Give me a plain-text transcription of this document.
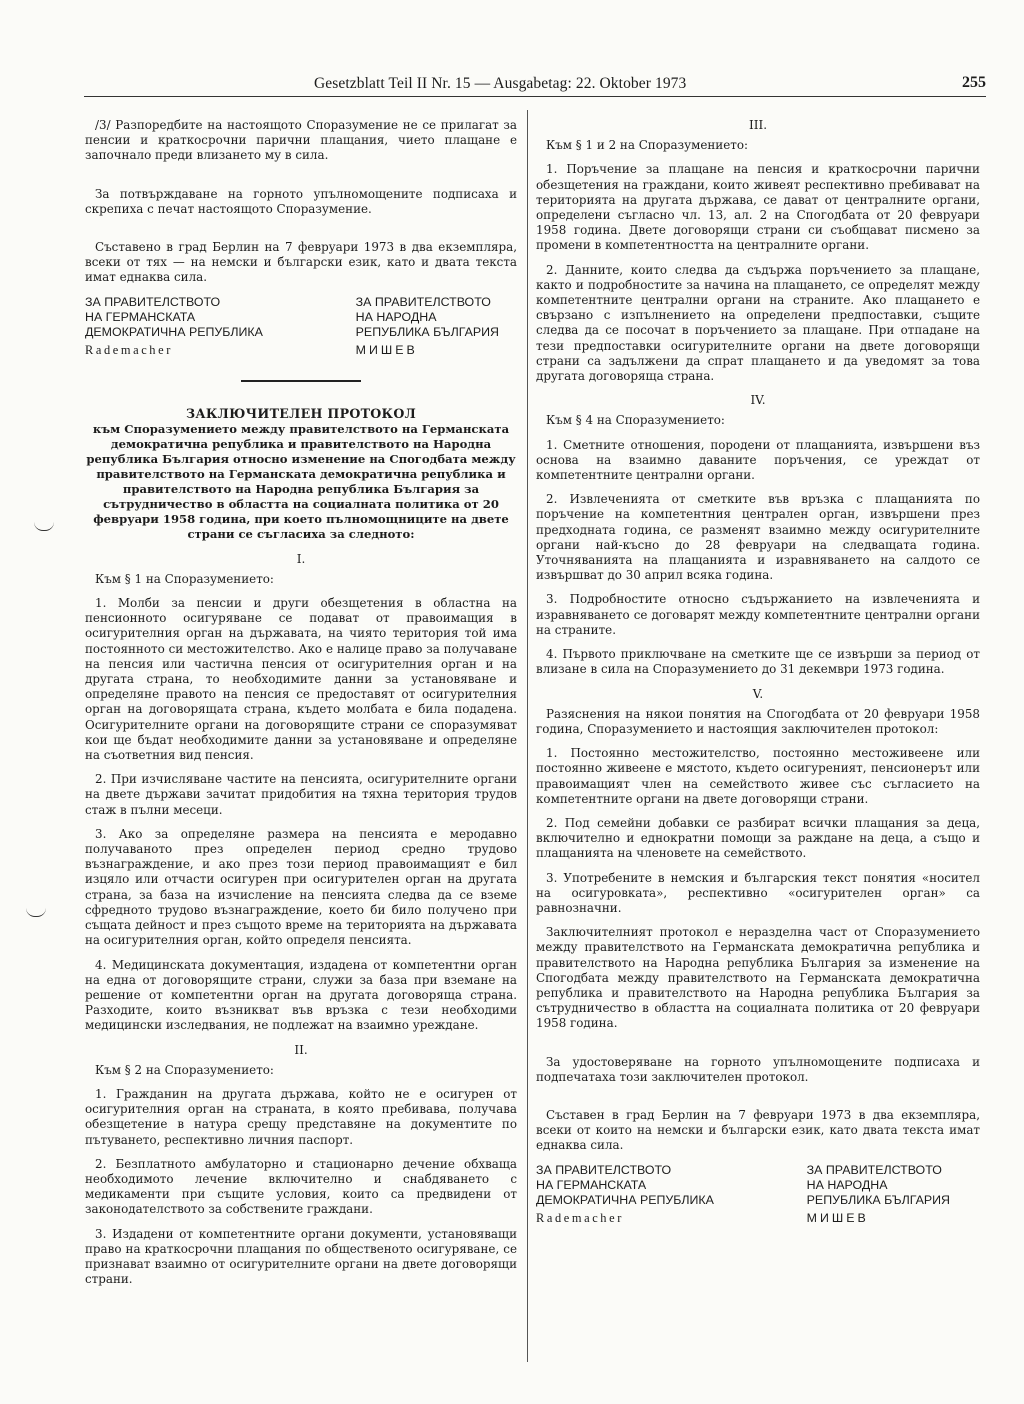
Gesetzblatt Teil II Nr. 15 — Ausgabetag: 22. Oktober 1973	255

/3/ Разпоредбите на настоящото Споразумение не се прилагат за пенсии и краткосрочни парични плащания, чието плащане е започнало преди влизането му в сила.

За потвърждаване на горното упълномощените подписаха и скрепиха с печат настоящото Споразумение.

Съставено в град Берлин на 7 февруари 1973 в два екземпляра, всеки от тях — на немски и български език, като и двата текста имат еднаква сила.

ЗА ПРАВИТЕЛСТВОТО
НА ГЕРМАНСКАТА
ДЕМОКРАТИЧНА РЕПУБЛИКА
Rademacher
ЗА ПРАВИТЕЛСТВОТО
НА НАРОДНА
РЕПУБЛИКА БЪЛГАРИЯ
МИШЕВ
ЗАКЛЮЧИТЕЛЕН ПРОТОКОЛ
към Споразумението между правителството на Германската демократична република и правителството на Народна република България относно изменение на Спогодбата между правителството на Германската демократична република и правителството на Народна република България за сътрудничество в областта на социалната политика от 20 февруари 1958 година, при което пълномощниците на двете страни се съгласиха за следното:
I.

Към § 1 на Споразумението:

1. Молби за пенсии и други обезщетения в областна на пенсионното осигуряване се подават от правоимащия в осигурителния орган на държавата, на чиято територия той има постоянното си местожителство. Ако е налице право за получаване на пенсия или частична пенсия от осигурителния орган и на другата страна, то необходимите данни за установяване и определяне правото на пенсия се предоставят от осигурителния орган на договорящата страна, където молбата е била подадена. Осигурителните органи на договорящите страни се споразумяват кои ще бъдат необходимите данни за установяване и определяне на съответния вид пенсия.

2. При изчисляване частите на пенсията, осигурителните органи на двете държави зачитат придобития на тяхна територия трудов стаж в пълни месеци.

3. Ако за определяне размера на пенсията е меродавно получаваното през определен период средно трудово възнаграждение, и ако през този период правоимащият е бил изцяло или отчасти осигурен при осигурителен орган на другата страна, за база на изчисление на пенсията следва да се вземе сфредното трудово възнаграждение, което би било получено при същата дейност и през същото време на територията на държавата на осигурителния орган, който определя пенсията.

4. Медицинската документация, издадена от компетентни орган на една от договорящите страни, служи за база при вземане на решение от компетентни орган на другата договоряща страна. Разходите, които възникват във връзка с тези необходими медицински изследвания, не подлежат на взаимно уреждане.

II.

Към § 2 на Споразумението:

1. Гражданин на другата държава, който не е осигурен от осигурителния орган на страната, в която пребивава, получава обезщетение в натура срещу представяне на документите по пътуването, респективно личния паспорт.

2. Безплатното амбулаторно и стационарно дечение обхваща необходимото лечение включително и снабдяването с медикаменти при същите условия, които са предвидени от законодателството за собствените граждани.

3. Издадени от компетентните органи документи, установяващи право на краткосрочни плащания по общественото осигуряване, се признават взаимно от осигурителните органи на двете договорящи страни.

III.

Към § 1 и 2 на Споразумението:

1. Поръчение за плащане на пенсия и краткосрочни парични обезщетения на граждани, които живеят респективно пребивават на територията на другата държава, се дават от централните органи, определени съгласно чл. 13, ал. 2 на Спогодбата от 20 февруари 1958 година. Двете договорящи страни си съобщават писмено за промени в компетентността на централните органи.

2. Данните, които следва да съдържа поръчението за плащане, както и подробностите за начина на плащането, се определят между компетентните централни органи на страните. Ако плащането е свързано с изпълнението на определени предпоставки, същите следва да се посочат в поръчението за плащане. При отпадане на тези предпоставки осигурителните органи на двете договорящи страни са задължени да спрат плащането и да уведомят за това другата договоряща страна.

IV.

Към § 4 на Споразумението:

1. Сметните отношения, породени от плащанията, извършени въз основа на взаимно даваните поръчения, се уреждат от компетентните централни органи.

2. Извлеченията от сметките във връзка с плащанията по поръчение на компетентния централен орган, извършени през предходната година, се разменят взаимно между осигурителните органи най-късно до 28 февруари на следващата година. Уточняванията на плащанията и изравняването на салдото се извършват до 30 април всяка година.

3. Подробностите относно съдържанието на извлеченията и изравняването се договарят между компетентните централни органи на страните.

4. Първото приключване на сметките ще се извърши за период от влизане в сила на Споразумението до 31 декември 1973 година.

V.

Разяснения на някои понятия на Спогодбата от 20 февруари 1958 година, Споразумението и настоящия заключителен протокол:

1. Постоянно местожителство, постоянно местоживеене или постоянно живеене е мястото, където осигуреният, пенсионерът или правоимащият член на семейството живее със съгласието на компетентните органи на двете договорящи страни.

2. Под семейни добавки се разбират всички плащания за деца, включително и еднократни помощи за раждане на деца, а също и плащанията на членовете на семейството.

3. Употребените в немския и българския текст понятия «носител на осигуровката», респективно «осигурителен орган» са равнозначни.

Заключителният протокол е неразделна част от Споразумението между правителството на Германската демократична република и правителството на Народна република България за изменение на Спогодбата между правителството на Германската демократична република и правителството на Народна република България за сътрудничество в областта на социалната политика от 20 февруари 1958 година.

За удостоверяване на горното упълномощените подписаха и подпечатаха този заключителен протокол.

Съставен в град Берлин на 7 февруари 1973 в два екземпляра, всеки от които на немски и български език, като двата текста имат еднаква сила.

ЗА ПРАВИТЕЛСТВОТО
НА ГЕРМАНСКАТА
ДЕМОКРАТИЧНА РЕПУБЛИКА
Rademacher
ЗА ПРАВИТЕЛСТВОТО
НА НАРОДНА
РЕПУБЛИКА БЪЛГАРИЯ
МИШЕВ
